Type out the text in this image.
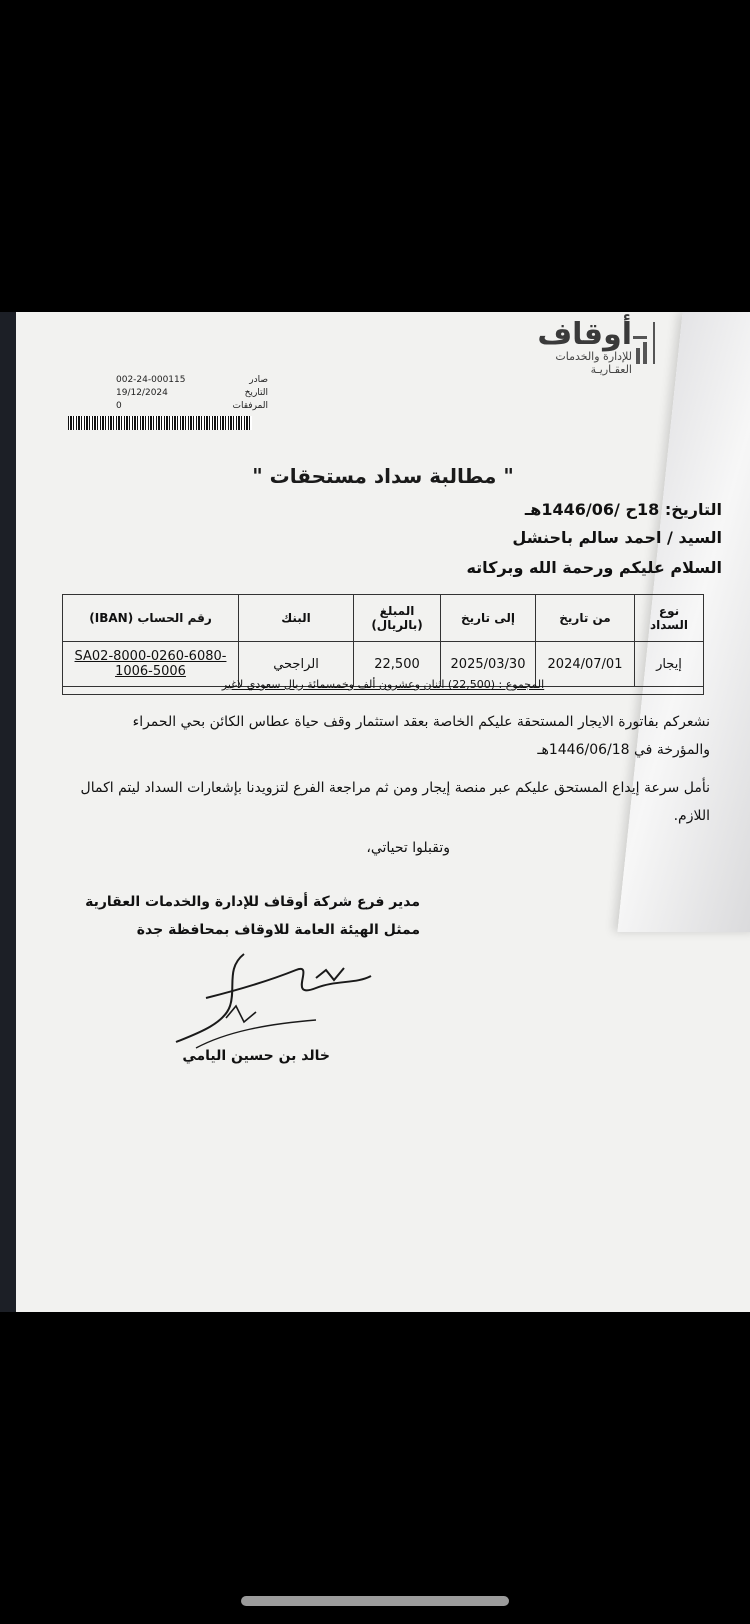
أوقاف
للإدارة والخدمات
العقـاريـة
صادر
002-24-000115
التاريخ
19/12/2024
المرفقات
0
" مطالبة سداد مستحقات "
التاريخ: 18ح /1446/06هـ
السيد / احمد سالم باحنشل
السلام عليكم ورحمة الله وبركاته
نوع السداد	من تاريخ	إلى تاريخ	المبلغ (بالريال)	البنك	رقم الحساب (IBAN)
إيجار	2024/07/01	2025/03/30	22,500	الراجحي	SA02-8000-0260-6080-1006-5006
المجموع : (22,500) اثنان وعشرون ألف وخمسمائة ريال سعودي لاغير
نشعركم بفاتورة الايجار المستحقة عليكم الخاصة بعقد استثمار وقف حياة عطاس الكائن بحي الحمراء والمؤرخة في 1446/06/18هـ
نأمل سرعة إيداع المستحق عليكم عبر منصة إيجار ومن ثم مراجعة الفرع لتزويدنا بإشعارات السداد ليتم اكمال اللازم.
وتقبلوا تحياتي،
مدير فرع شركة أوقاف للإدارة والخدمات العقارية
ممثل الهيئة العامة للاوقاف بمحافظة جدة
خالد بن حسين اليامي
